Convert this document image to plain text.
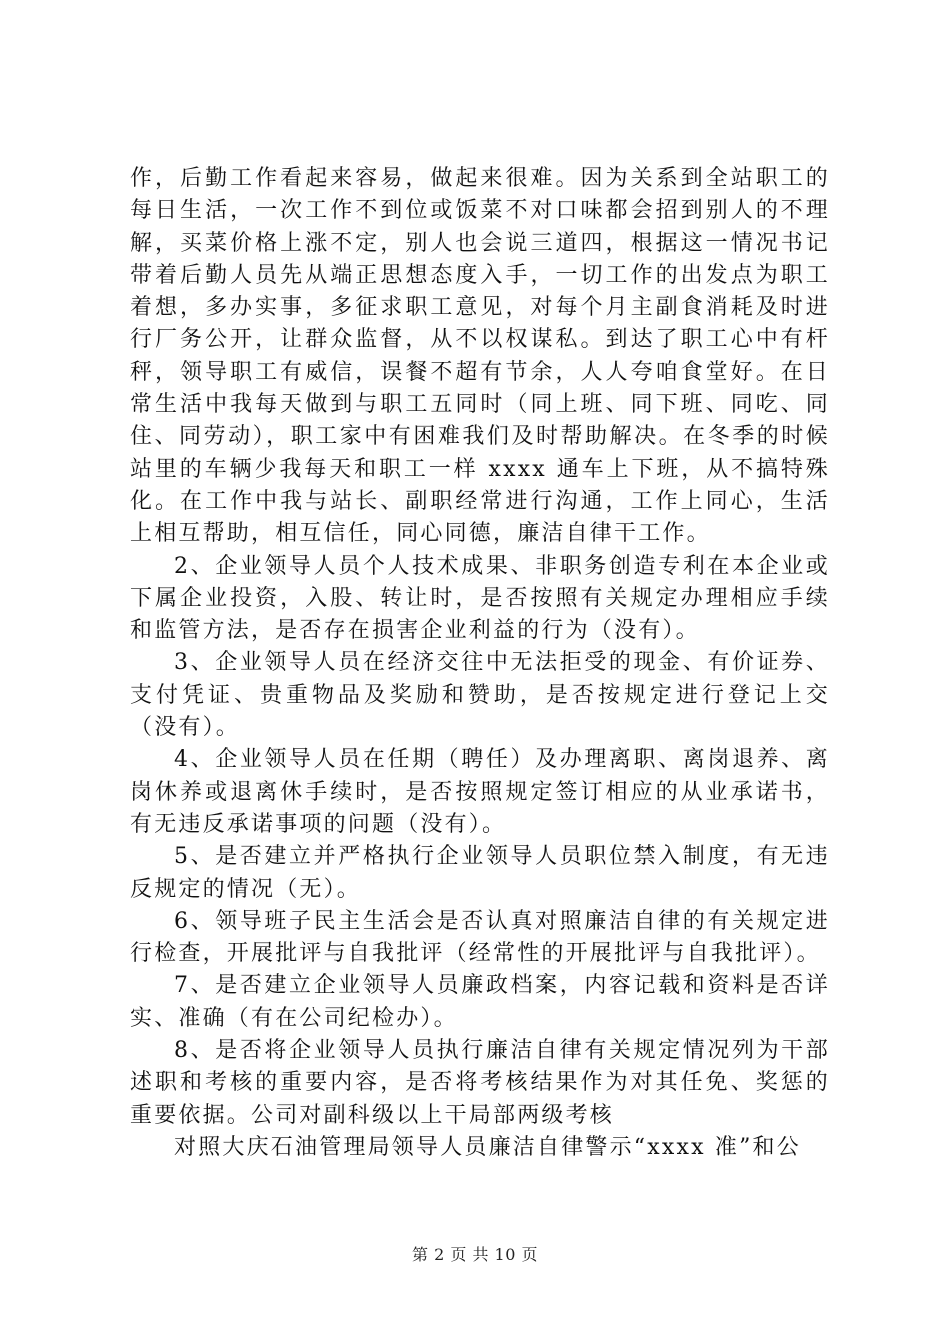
作，后勤工作看起来容易，做起来很难。因为关系到全站职工的每日生活，一次工作不到位或饭菜不对口味都会招到别人的不理解，买菜价格上涨不定，别人也会说三道四，根据这一情况书记带着后勤人员先从端正思想态度入手，一切工作的出发点为职工着想，多办实事，多征求职工意见，对每个月主副食消耗及时进行厂务公开，让群众监督，从不以权谋私。到达了职工心中有杆秤，领导职工有威信，误餐不超有节余，人人夸咱食堂好。在日常生活中我每天做到与职工五同时（同上班、同下班、同吃、同住、同劳动），职工家中有困难我们及时帮助解决。在冬季的时候站里的车辆少我每天和职工一样 xxxx 通车上下班，从不搞特殊化。在工作中我与站长、副职经常进行沟通，工作上同心，生活上相互帮助，相互信任，同心同德，廉洁自律干工作。

2、企业领导人员个人技术成果、非职务创造专利在本企业或下属企业投资，入股、转让时，是否按照有关规定办理相应手续和监管方法，是否存在损害企业利益的行为（没有）。

3、企业领导人员在经济交往中无法拒受的现金、有价证券、支付凭证、贵重物品及奖励和赞助，是否按规定进行登记上交（没有）。

4、企业领导人员在任期（聘任）及办理离职、离岗退养、离岗休养或退离休手续时，是否按照规定签订相应的从业承诺书，有无违反承诺事项的问题（没有）。

5、是否建立并严格执行企业领导人员职位禁入制度，有无违反规定的情况（无）。

6、领导班子民主生活会是否认真对照廉洁自律的有关规定进行检查，开展批评与自我批评（经常性的开展批评与自我批评）。

7、是否建立企业领导人员廉政档案，内容记载和资料是否详实、准确（有在公司纪检办）。

8、是否将企业领导人员执行廉洁自律有关规定情况列为干部述职和考核的重要内容，是否将考核结果作为对其任免、奖惩的重要依据。公司对副科级以上干局部两级考核

对照大庆石油管理局领导人员廉洁自律警示“xxxx 准”和公

第 2 页 共 10 页
